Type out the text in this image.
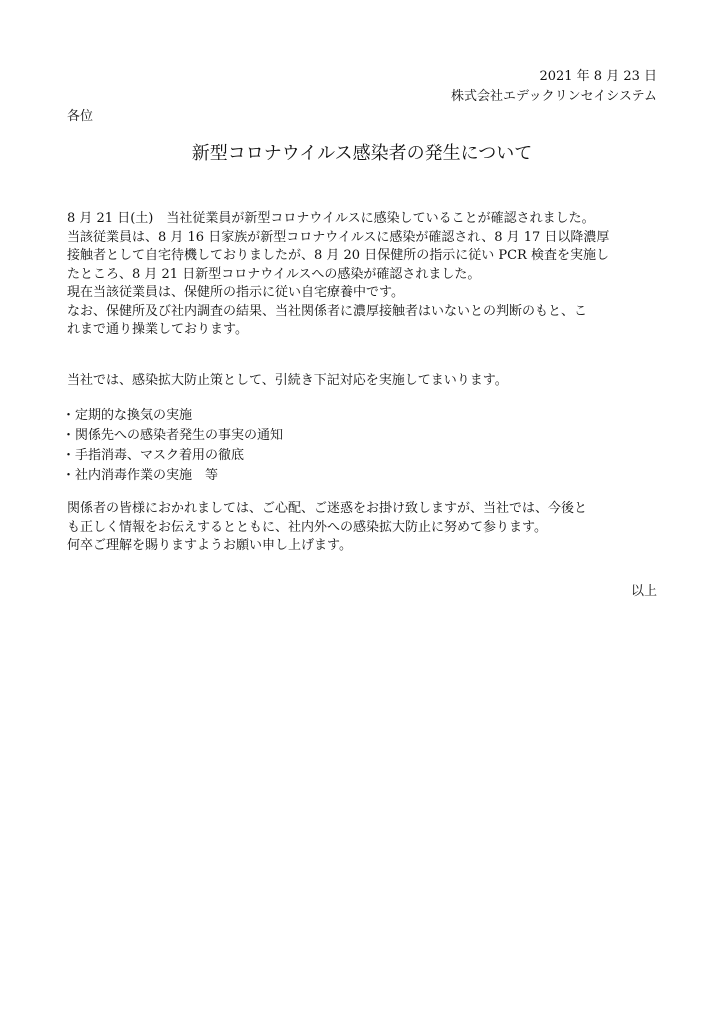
2021 年 8 月 23 日
株式会社エデックリンセイシステム
各位
新型コロナウイルス感染者の発生について
8 月 21 日(土)　当社従業員が新型コロナウイルスに感染していることが確認されました。
当該従業員は、8 月 16 日家族が新型コロナウイルスに感染が確認され、8 月 17 日以降濃厚
接触者として自宅待機しておりましたが、8 月 20 日保健所の指示に従い PCR 検査を実施し
たところ、8 月 21 日新型コロナウイルスへの感染が確認されました。
現在当該従業員は、保健所の指示に従い自宅療養中です。
なお、保健所及び社内調査の結果、当社関係者に濃厚接触者はいないとの判断のもと、こ
れまで通り操業しております。
当社では、感染拡大防止策として、引続き下記対応を実施してまいります。
・定期的な換気の実施
・関係先への感染者発生の事実の通知
・手指消毒、マスク着用の徹底
・社内消毒作業の実施　等
関係者の皆様におかれましては、ご心配、ご迷惑をお掛け致しますが、当社では、今後と
も正しく情報をお伝えするとともに、社内外への感染拡大防止に努めて参ります。
何卒ご理解を賜りますようお願い申し上げます。
以上
